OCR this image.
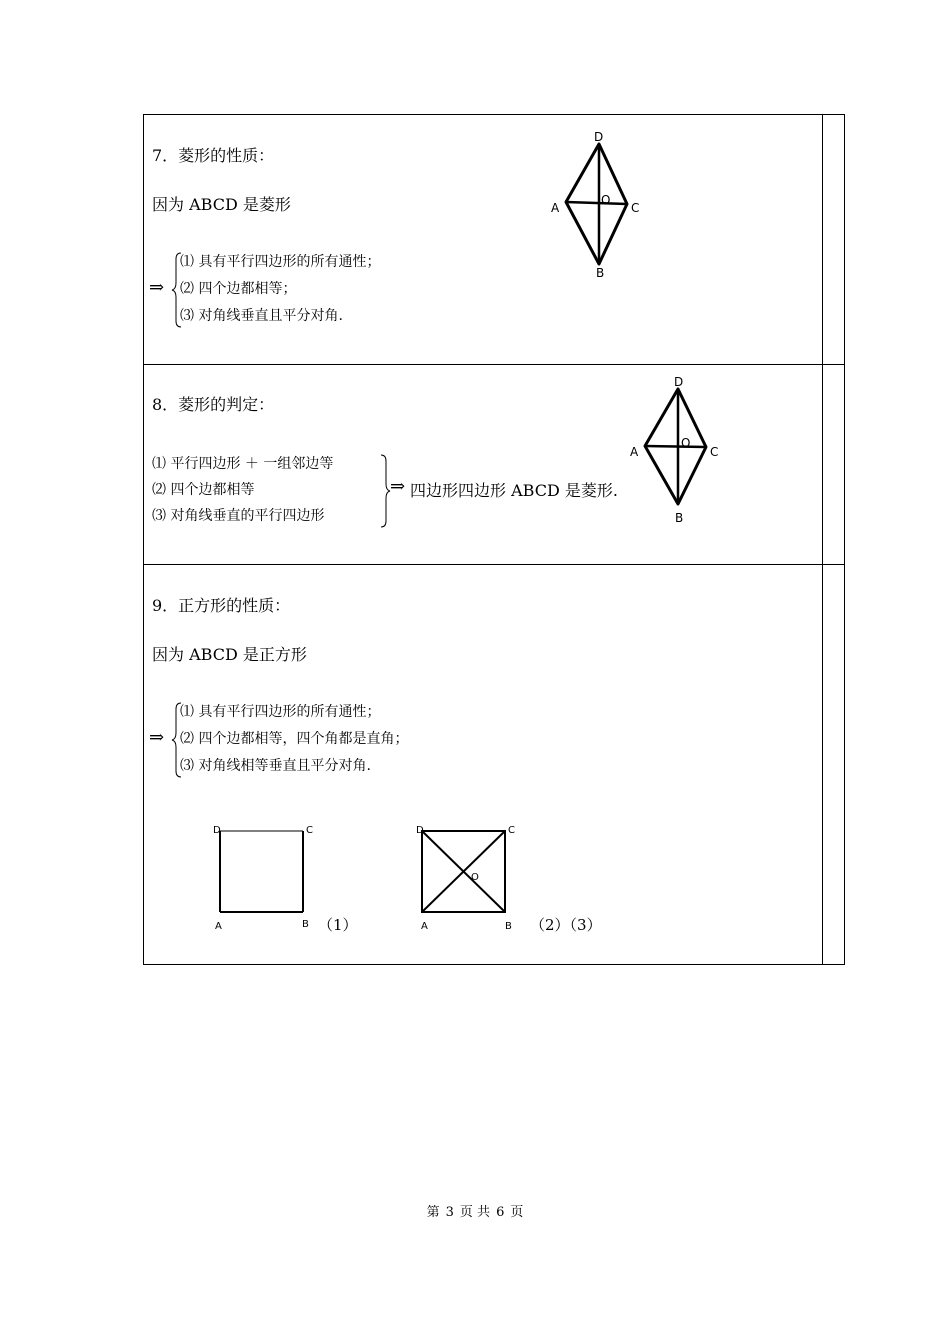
7．菱形的性质：
因为 ABCD 是菱形
⇒
⑴ 具有平行四边形的所有通性；
⑵ 四个边都相等；
⑶ 对角线垂直且平分对角.
D
A	C
O
B
8．菱形的判定：
⑴ 平行四边形 ＋ 一组邻边等
⑵ 四个边都相等
⑶ 对角线垂直的平行四边形
⇒ 四边形四边形 ABCD 是菱形.
D
A	C
O
B
9．正方形的性质：
因为 ABCD 是正方形
⇒
⑴ 具有平行四边形的所有通性；
⑵ 四个边都相等，四个角都是直角；
⑶ 对角线相等垂直且平分对角.
D	C
A	B （1）
D	C
O
A	B （2）（3）
第 3 页 共 6 页
